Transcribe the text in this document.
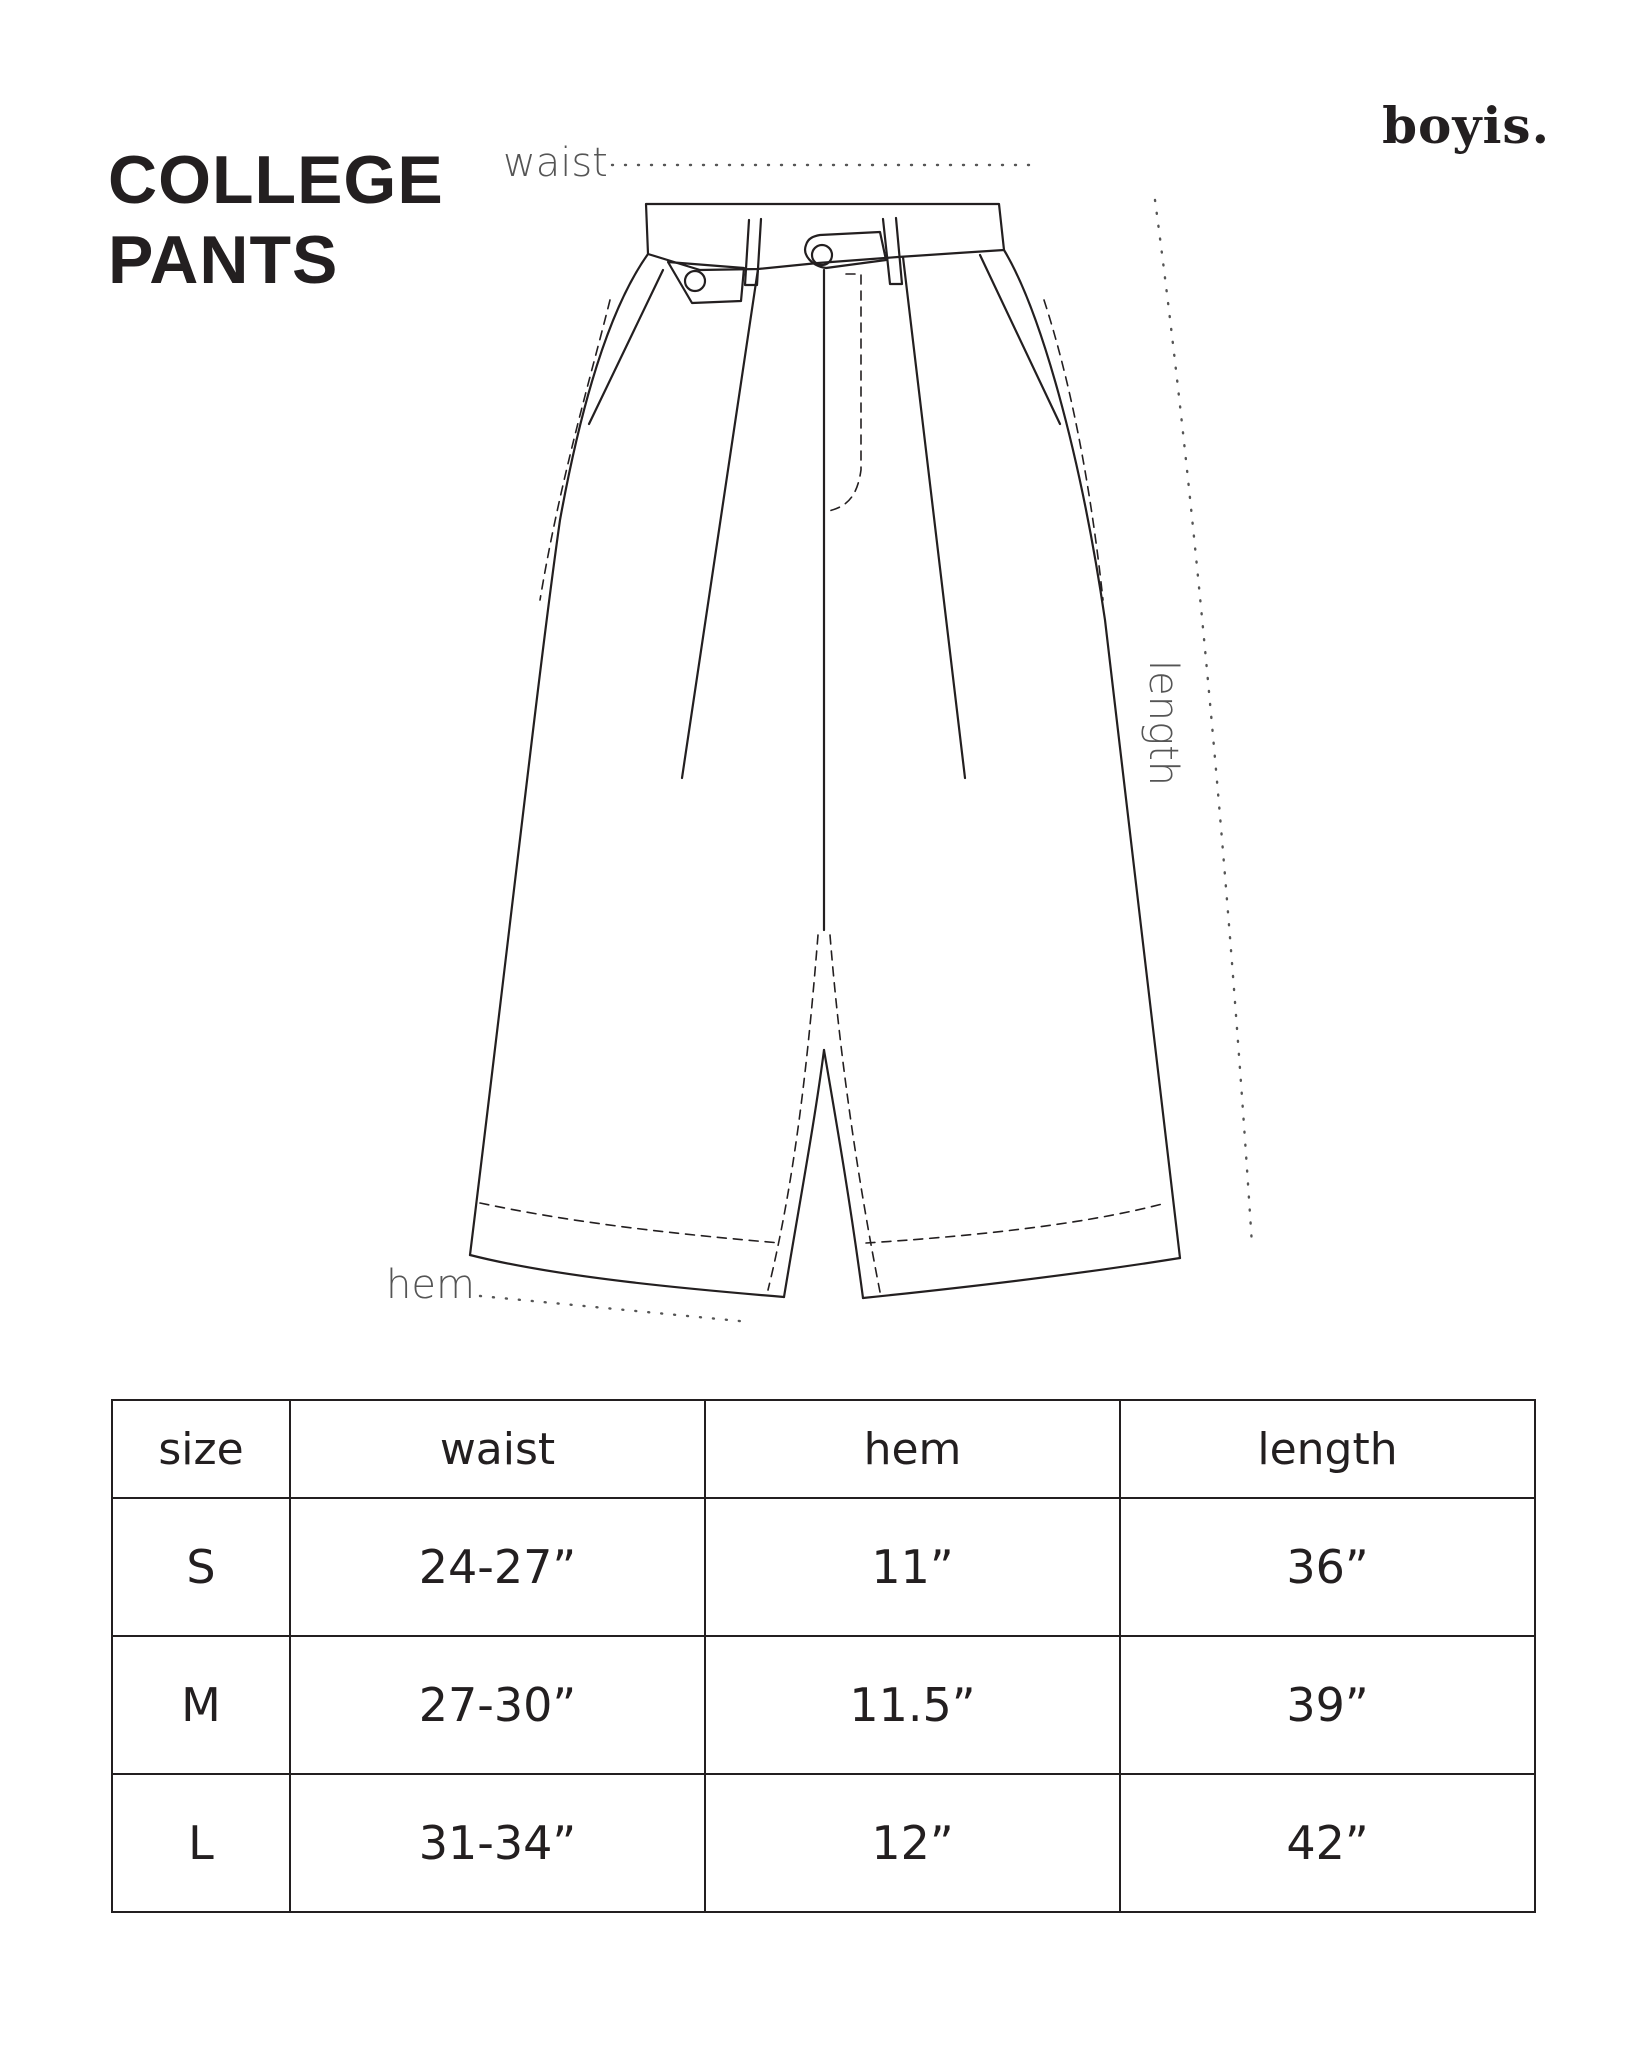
COLLEGE
PANTS
boyis.
waist
hem
length
size	waist	hem	length
S	24-27”	11”	36”
M	27-30”	11.5”	39”
L	31-34”	12”	42”
